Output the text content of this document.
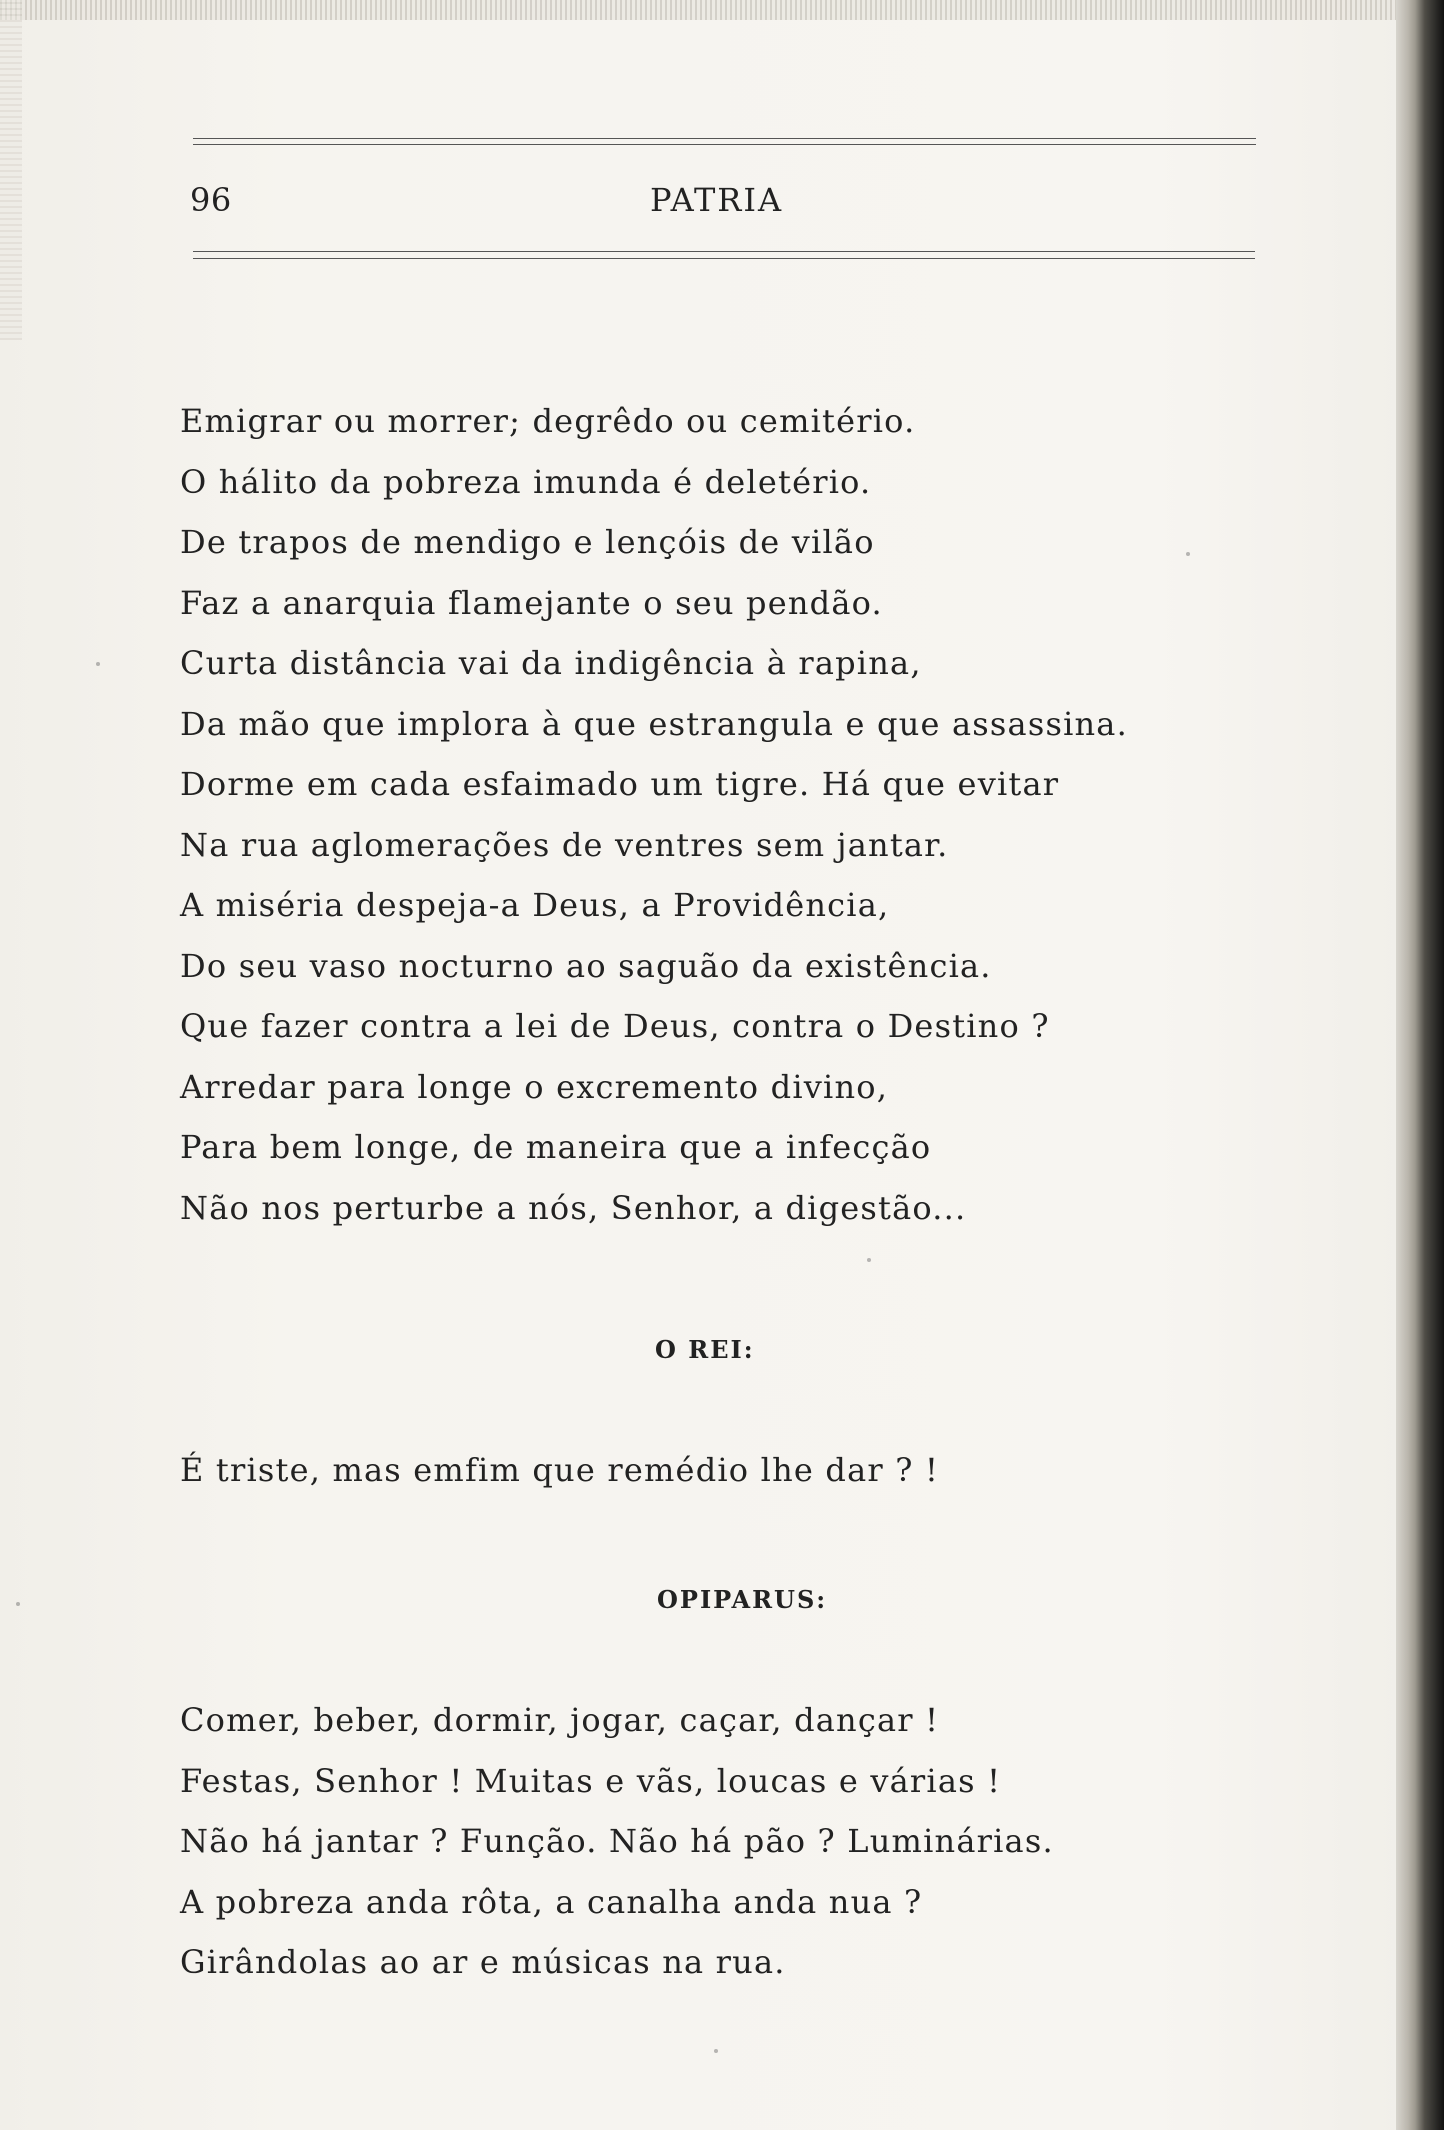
96	PATRIA
Emigrar ou morrer; degrêdo ou cemitério.
O hálito da pobreza imunda é deletério.
De trapos de mendigo e lençóis de vilão
Faz a anarquia flamejante o seu pendão.
Curta distância vai da indigência à rapina,
Da mão que implora à que estrangula e que assassina.
Dorme em cada esfaimado um tigre. Há que evitar
Na rua aglomerações de ventres sem jantar.
A miséria despeja-a Deus, a Providência,
Do seu vaso nocturno ao saguão da existência.
Que fazer contra a lei de Deus, contra o Destino ?
Arredar para longe o excremento divino,
Para bem longe, de maneira que a infecção
Não nos perturbe a nós, Senhor, a digestão...
O REI:
É triste, mas emfim que remédio lhe dar ? !
OPIPARUS:
Comer, beber, dormir, jogar, caçar, dançar !
Festas, Senhor ! Muitas e vãs, loucas e várias !
Não há jantar ? Função. Não há pão ? Luminárias.
A pobreza anda rôta, a canalha anda nua ?
Girândolas ao ar e músicas na rua.
